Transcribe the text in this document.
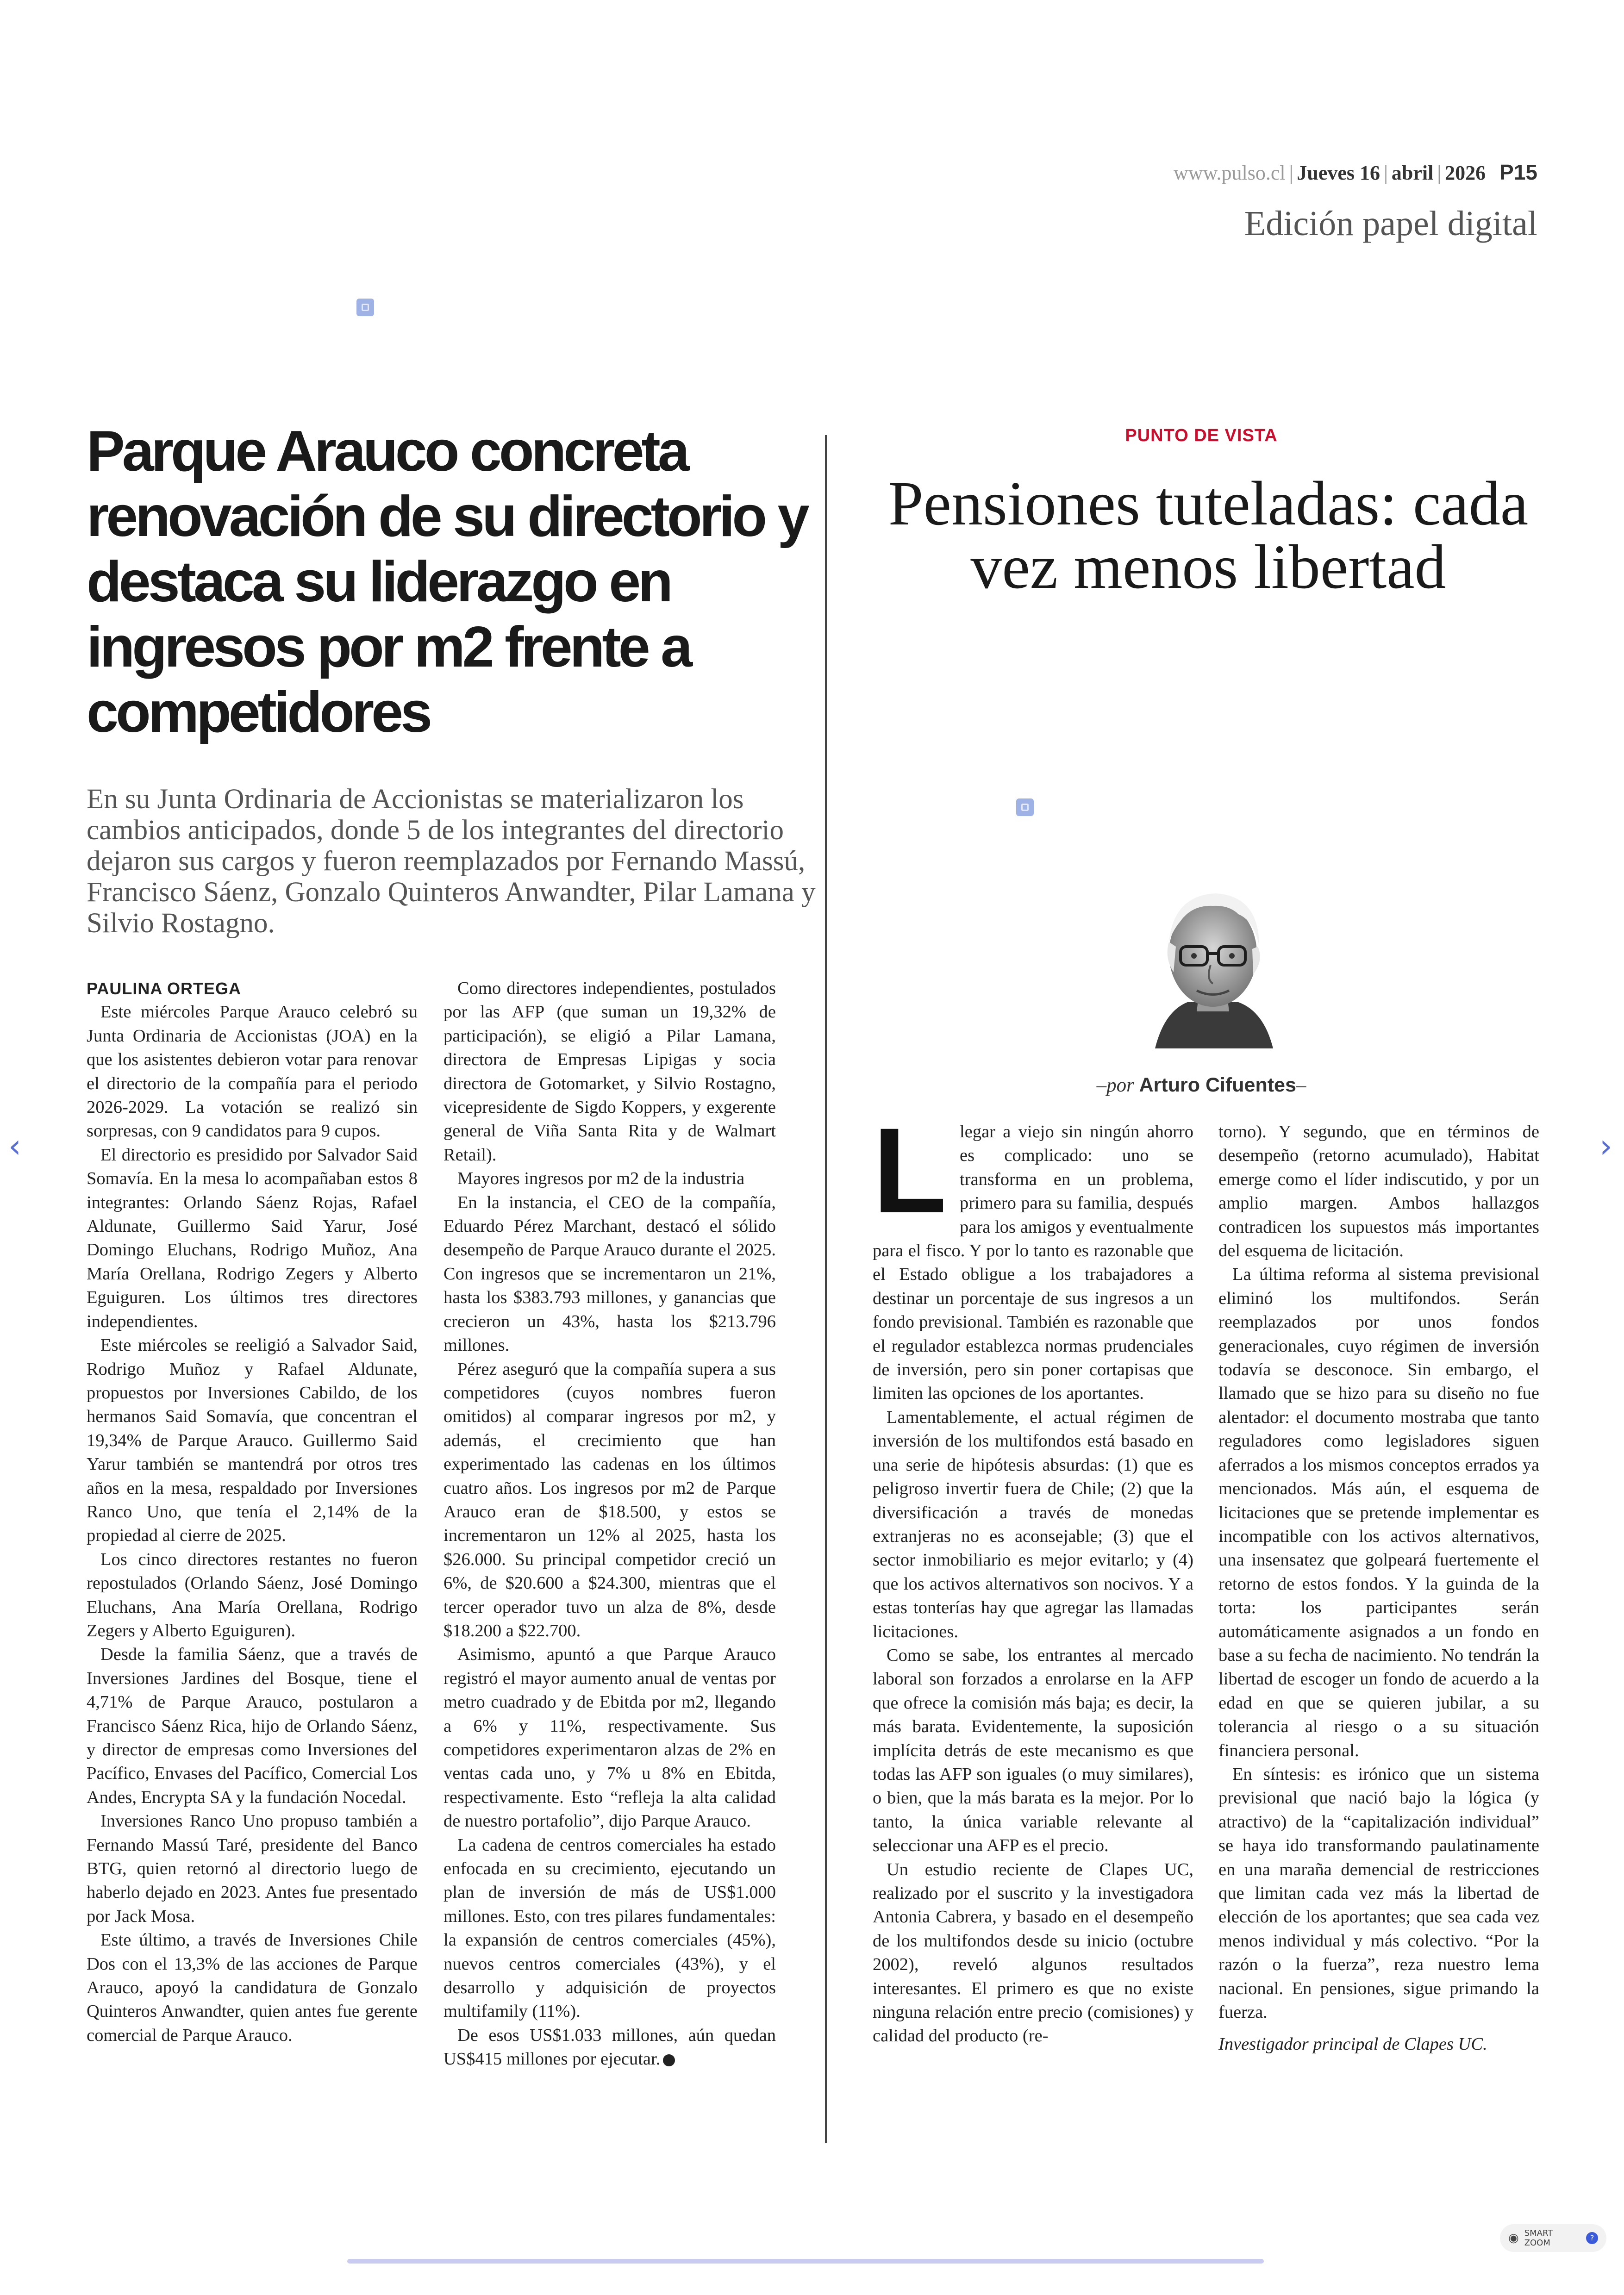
www.pulso.cl | Jueves 16 | abril | 2026 P15
Edición papel digital
Parque Arauco concreta renovación de su directorio y destaca su liderazgo en ingresos por m2 frente a competidores

En su Junta Ordinaria de Accionistas se materializaron los cambios anticipados, donde 5 de los integrantes del directorio dejaron sus cargos y fueron reemplazados por Fernando Massú, Francisco Sáenz, Gonzalo Quinteros Anwandter, Pilar Lamana y Silvio Rostagno.

PAULINA ORTEGA

Este miércoles Parque Arauco celebró su Junta Ordinaria de Accionistas (JOA) en la que los asistentes debieron votar para renovar el directorio de la compañía para el periodo 2026-2029. La votación se realizó sin sorpresas, con 9 candidatos para 9 cupos.

El directorio es presidido por Salvador Said Somavía. En la mesa lo acompañaban estos 8 integrantes: Orlando Sáenz Rojas, Rafael Aldunate, Guillermo Said Yarur, José Domingo Eluchans, Rodrigo Muñoz, Ana María Orellana, Rodrigo Zegers y Alberto Eguiguren. Los últimos tres directores independientes.

Este miércoles se reeligió a Salvador Said, Rodrigo Muñoz y Rafael Aldunate, propuestos por Inversiones Cabildo, de los hermanos Said Somavía, que concentran el 19,34% de Parque Arauco. Guillermo Said Yarur también se mantendrá por otros tres años en la mesa, respaldado por Inversiones Ranco Uno, que tenía el 2,14% de la propiedad al cierre de 2025.

Los cinco directores restantes no fueron repostulados (Orlando Sáenz, José Domingo Eluchans, Ana María Orellana, Rodrigo Zegers y Alberto Eguiguren).

Desde la familia Sáenz, que a través de Inversiones Jardines del Bosque, tiene el 4,71% de Parque Arauco, postularon a Francisco Sáenz Rica, hijo de Orlando Sáenz, y director de empresas como Inversiones del Pacífico, Envases del Pacífico, Comercial Los Andes, Encrypta SA y la fundación Nocedal.

Inversiones Ranco Uno propuso también a Fernando Massú Taré, presidente del Banco BTG, quien retornó al directorio luego de haberlo dejado en 2023. Antes fue presentado por Jack Mosa.

Este último, a través de Inversiones Chile Dos con el 13,3% de las acciones de Parque Arauco, apoyó la candidatura de Gonzalo Quinteros Anwandter, quien antes fue gerente comercial de Parque Arauco.

Como directores independientes, postulados por las AFP (que suman un 19,32% de participación), se eligió a Pilar Lamana, directora de Empresas Lipigas y socia directora de Gotomarket, y Silvio Rostagno, vicepresidente de Sigdo Koppers, y exgerente general de Viña Santa Rita y de Walmart Retail).

Mayores ingresos por m2 de la industria

En la instancia, el CEO de la compañía, Eduardo Pérez Marchant, destacó el sólido desempeño de Parque Arauco durante el 2025. Con ingresos que se incrementaron un 21%, hasta los $383.793 millones, y ganancias que crecieron un 43%, hasta los $213.796 millones.

Pérez aseguró que la compañía supera a sus competidores (cuyos nombres fueron omitidos) al comparar ingresos por m2, y además, el crecimiento que han experimentado las cadenas en los últimos cuatro años. Los ingresos por m2 de Parque Arauco eran de $18.500, y estos se incrementaron un 12% al 2025, hasta los $26.000. Su principal competidor creció un 6%, de $20.600 a $24.300, mientras que el tercer operador tuvo un alza de 8%, desde $18.200 a $22.700.

Asimismo, apuntó a que Parque Arauco registró el mayor aumento anual de ventas por metro cuadrado y de Ebitda por m2, llegando a 6% y 11%, respectivamente. Sus competidores experimentaron alzas de 2% en ventas cada uno, y 7% u 8% en Ebitda, respectivamente. Esto “refleja la alta calidad de nuestro portafolio”, dijo Parque Arauco.

La cadena de centros comerciales ha estado enfocada en su crecimiento, ejecutando un plan de inversión de más de US$1.000 millones. Esto, con tres pilares fundamentales: la expansión de centros comerciales (45%), nuevos centros comerciales (43%), y el desarrollo y adquisición de proyectos multifamily (11%).

De esos US$1.033 millones, aún quedan US$415 millones por ejecutar.

PUNTO DE VISTA
Pensiones tuteladas: cada vez menos libertad
–por Arturo Cifuentes–

Llegar a viejo sin ningún ahorro es complicado: uno se transforma en un problema, primero para su familia, después para los amigos y eventualmente para el fisco. Y por lo tanto es razonable que el Estado obligue a los trabajadores a destinar un porcentaje de sus ingresos a un fondo previsional. También es razonable que el regulador establezca normas prudenciales de inversión, pero sin poner cortapisas que limiten las opciones de los aportantes.

Lamentablemente, el actual régimen de inversión de los multifondos está basado en una serie de hipótesis absurdas: (1) que es peligroso invertir fuera de Chile; (2) que la diversificación a través de monedas extranjeras no es aconsejable; (3) que el sector inmobiliario es mejor evitarlo; y (4) que los activos alternativos son nocivos. Y a estas tonterías hay que agregar las llamadas licitaciones.

Como se sabe, los entrantes al mercado laboral son forzados a enrolarse en la AFP que ofrece la comisión más baja; es decir, la más barata. Evidentemente, la suposición implícita detrás de este mecanismo es que todas las AFP son iguales (o muy similares), o bien, que la más barata es la mejor. Por lo tanto, la única variable relevante al seleccionar una AFP es el precio.

Un estudio reciente de Clapes UC, realizado por el suscrito y la investigadora Antonia Cabrera, y basado en el desempeño de los multifondos desde su inicio (octubre 2002), reveló algunos resultados interesantes. El primero es que no existe ninguna relación entre precio (comisiones) y calidad del producto (re-

torno). Y segundo, que en términos de desempeño (retorno acumulado), Habitat emerge como el líder indiscutido, y por un amplio margen. Ambos hallazgos contradicen los supuestos más importantes del esquema de licitación.

La última reforma al sistema previsional eliminó los multifondos. Serán reemplazados por unos fondos generacionales, cuyo régimen de inversión todavía se desconoce. Sin embargo, el llamado que se hizo para su diseño no fue alentador: el documento mostraba que tanto reguladores como legisladores siguen aferrados a los mismos conceptos errados ya mencionados. Más aún, el esquema de licitaciones que se pretende implementar es incompatible con los activos alternativos, una insensatez que golpeará fuertemente el retorno de estos fondos. Y la guinda de la torta: los participantes serán automáticamente asignados a un fondo en base a su fecha de nacimiento. No tendrán la libertad de escoger un fondo de acuerdo a la edad en que se quieren jubilar, a su tolerancia al riesgo o a su situación financiera personal.

En síntesis: es irónico que un sistema previsional que nació bajo la lógica (y atractivo) de la “capitalización individual” se haya ido transformando paulatinamente en una maraña demencial de restricciones que limitan cada vez más la libertad de elección de los aportantes; que sea cada vez menos individual y más colectivo. “Por la razón o la fuerza”, reza nuestro lema nacional. En pensiones, sigue primando la fuerza.

Investigador principal de Clapes UC.

‹	›
◉ SMART ZOOM
?
